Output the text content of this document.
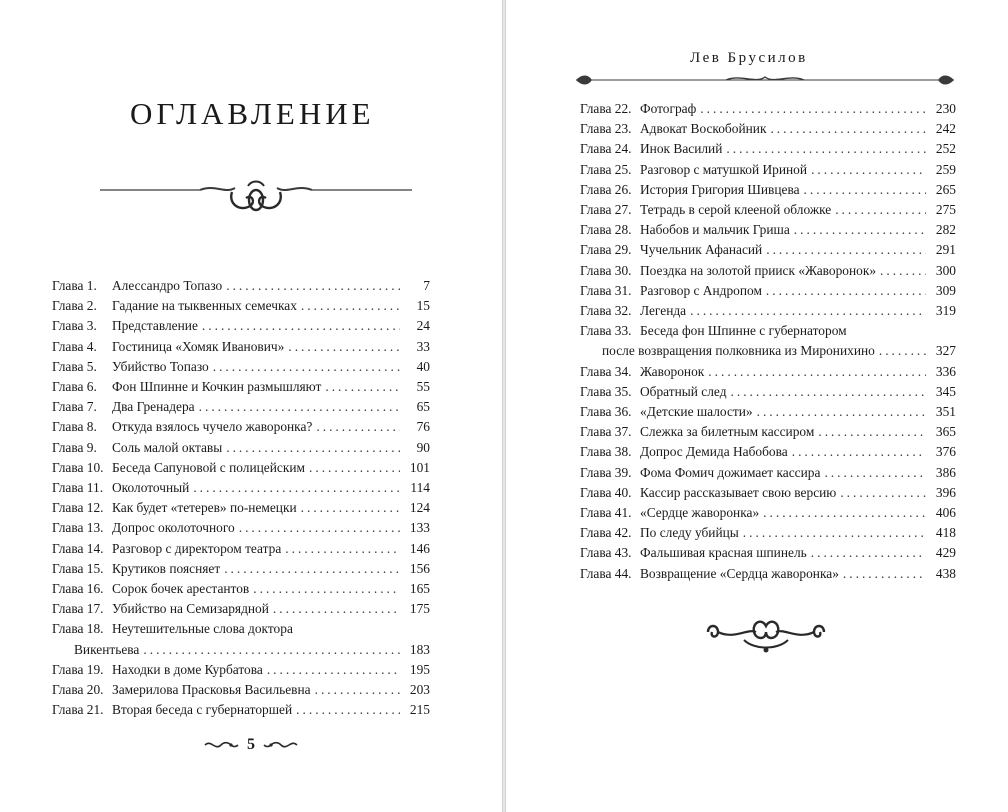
ОГЛАВЛЕНИЕ
Глава 1.	Алессандро Топазо .....	7
Глава 2.	Гадание на тыквенных семечках .....	15
Глава 3.	Представление .....	24
Глава 4.	Гостиница «Хомяк Иванович» .....	33
Глава 5.	Убийство Топазо .....	40
Глава 6.	Фон Шпинне и Кочкин размышляют .....	55
Глава 7.	Два Гренадера .....	65
Глава 8.	Откуда взялось чучело жаворонка? .....	76
Глава 9.	Соль малой октавы .....	90
Глава 10. Беседа Сапуновой с полицейским .....	101
Глава 11. Околоточный .....	114
Глава 12. Как будет «тетерев» по-немецки .....	124
Глава 13. Допрос околоточного .....	133
Глава 14. Разговор с директором театра .....	146
Глава 15. Крутиков поясняет .....	156
Глава 16. Сорок бочек арестантов .....	165
Глава 17. Убийство на Семизарядной .....	175
Глава 18. Неутешительные слова доктора
Викентьева .....	183
Глава 19. Находки в доме Курбатова .....	195
Глава 20. Замерилова Прасковья Васильевна .....	203
Глава 21. Вторая беседа с губернаторшей .....	215
5
Лев Брусилов
Глава 22. Фотограф .....	230
Глава 23. Адвокат Воскобойник .....	242
Глава 24. Инок Василий .....	252
Глава 25. Разговор с матушкой Ириной .....	259
Глава 26. История Григория Шивцева .....	265
Глава 27. Тетрадь в серой клееной обложке .....	275
Глава 28. Набобов и мальчик Гриша .....	282
Глава 29. Чучельник Афанасий .....	291
Глава 30. Поездка на золотой прииск «Жаворонок» .....	300
Глава 31. Разговор с Андропом .....	309
Глава 32. Легенда .....	319
Глава 33. Беседа фон Шпинне с губернатором
после возвращения полковника из Миронихино .....	327
Глава 34. Жаворонок .....	336
Глава 35. Обратный след .....	345
Глава 36. «Детские шалости» .....	351
Глава 37. Слежка за билетным кассиром .....	365
Глава 38. Допрос Демида Набобова .....	376
Глава 39. Фома Фомич дожимает кассира .....	386
Глава 40. Кассир рассказывает свою версию .....	396
Глава 41. «Сердце жаворонка» .....	406
Глава 42. По следу убийцы .....	418
Глава 43. Фальшивая красная шпинель .....	429
Глава 44. Возвращение «Сердца жаворонка» .....	438
